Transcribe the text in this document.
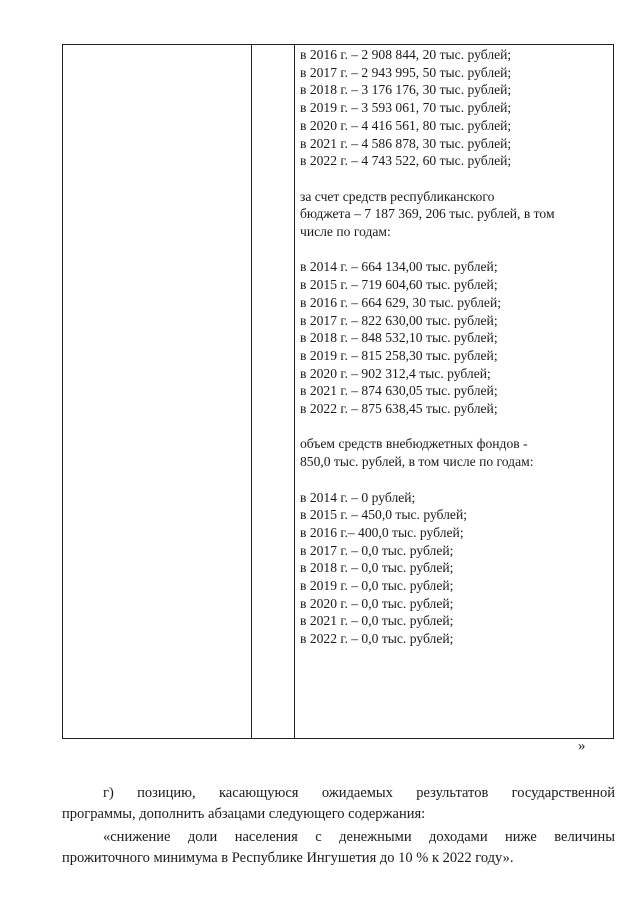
в 2016 г. – 2 908 844, 20 тыс. рублей;
в 2017 г. – 2 943 995, 50 тыс. рублей;
в 2018 г. – 3 176 176, 30 тыс. рублей;
в 2019 г. – 3 593 061, 70 тыс. рублей;
в 2020 г. – 4 416 561, 80 тыс. рублей;
в 2021 г. – 4 586 878, 30 тыс. рублей;
в 2022 г. – 4 743 522, 60 тыс. рублей;
за счет средств республиканского
бюджета – 7 187 369, 206 тыс. рублей, в том
числе по годам:
в 2014 г. – 664 134,00 тыс. рублей;
в 2015 г. – 719 604,60 тыс. рублей;
в 2016 г. – 664 629, 30 тыс. рублей;
в 2017 г. – 822 630,00 тыс. рублей;
в 2018 г. – 848 532,10 тыс. рублей;
в 2019 г. – 815 258,30 тыс. рублей;
в 2020 г. – 902 312,4 тыс. рублей;
в 2021 г. – 874 630,05 тыс. рублей;
в 2022 г. – 875 638,45 тыс. рублей;
объем средств внебюджетных фондов -
850,0 тыс. рублей, в том числе по годам:
в 2014 г. – 0 рублей;
в 2015 г. – 450,0 тыс. рублей;
в 2016 г.– 400,0 тыс. рублей;
в 2017 г. – 0,0 тыс. рублей;
в 2018 г. – 0,0 тыс. рублей;
в 2019 г. – 0,0 тыс. рублей;
в 2020 г. – 0,0 тыс. рублей;
в 2021 г. – 0,0 тыс. рублей;
в 2022 г. – 0,0 тыс. рублей;
»
г) позицию, касающуюся ожидаемых результатов государственной
программы, дополнить абзацами следующего содержания:
«снижение доли населения с денежными доходами ниже величины
прожиточного минимума в Республике Ингушетия до 10 % к 2022 году».
